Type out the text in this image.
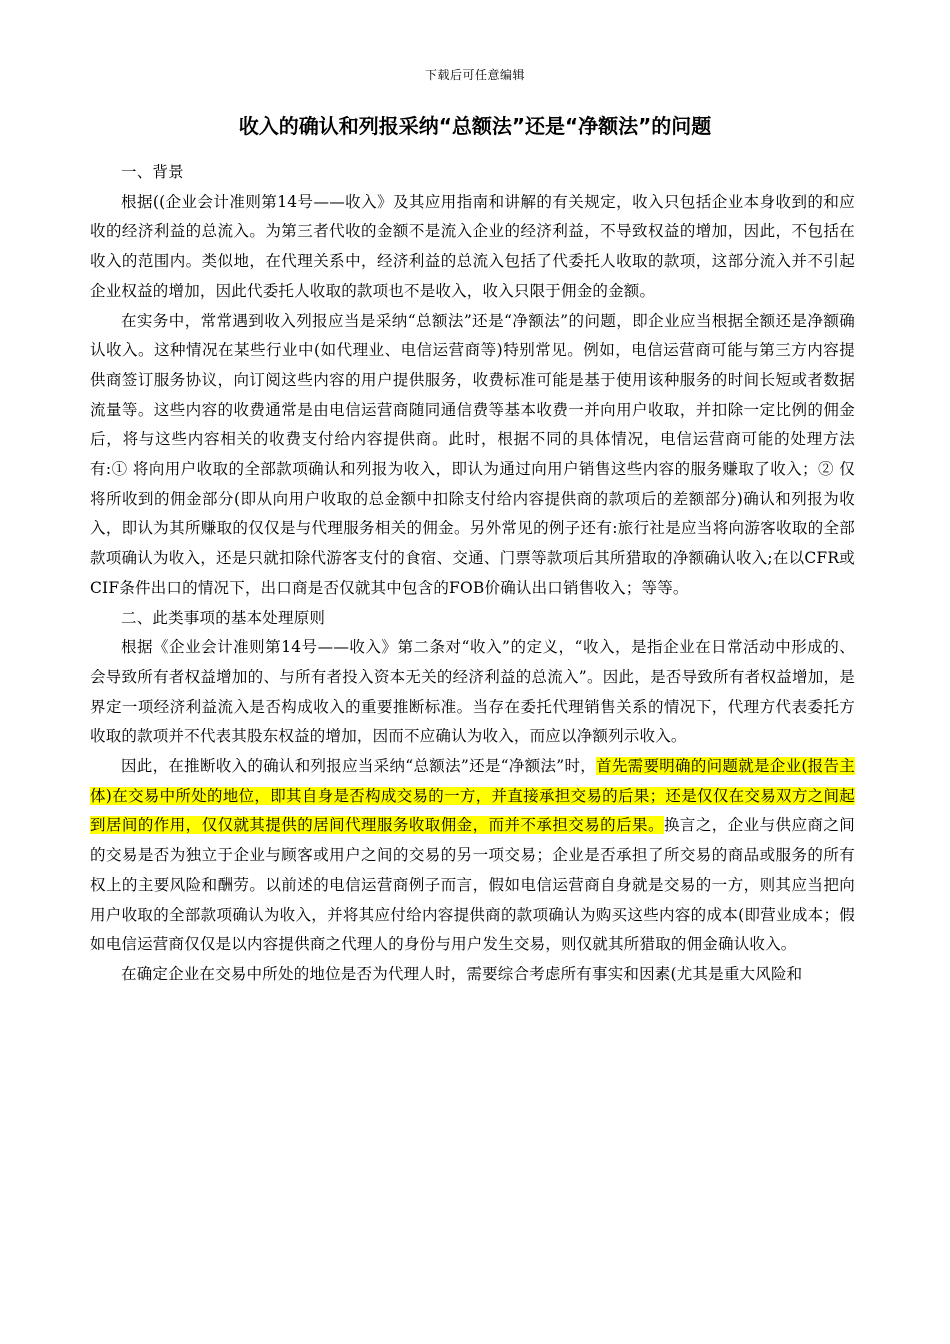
下载后可任意编辑
收入的确认和列报采纳“总额法”还是“净额法”的问题

一、背景

根据((企业会计准则第14号——收入》及其应用指南和讲解的有关规定，收入只包括企业本身收到的和应收的经济利益的总流入。为第三者代收的金额不是流入企业的经济利益，不导致权益的增加，因此，不包括在收入的范围内。类似地，在代理关系中，经济利益的总流入包括了代委托人收取的款项，这部分流入并不引起企业权益的增加，因此代委托人收取的款项也不是收入，收入只限于佣金的金额。

在实务中，常常遇到收入列报应当是采纳“总额法”还是“净额法”的问题，即企业应当根据全额还是净额确认收入。这种情况在某些行业中(如代理业、电信运营商等)特别常见。例如，电信运营商可能与第三方内容提供商签订服务协议，向订阅这些内容的用户提供服务，收费标准可能是基于使用该种服务的时间长短或者数据流量等。这些内容的收费通常是由电信运营商随同通信费等基本收费一并向用户收取，并扣除一定比例的佣金后，将与这些内容相关的收费支付给内容提供商。此时，根据不同的具体情况，电信运营商可能的处理方法有:① 将向用户收取的全部款项确认和列报为收入，即认为通过向用户销售这些内容的服务赚取了收入；② 仅将所收到的佣金部分(即从向用户收取的总金额中扣除支付给内容提供商的款项后的差额部分)确认和列报为收入，即认为其所赚取的仅仅是与代理服务相关的佣金。另外常见的例子还有:旅行社是应当将向游客收取的全部款项确认为收入，还是只就扣除代游客支付的食宿、交通、门票等款项后其所猎取的净额确认收入;在以CFR或CIF条件出口的情况下，出口商是否仅就其中包含的FOB价确认出口销售收入；等等。

二、此类事项的基本处理原则

根据《企业会计准则第14号——收入》第二条对“收入”的定义，“收入，是指企业在日常活动中形成的、会导致所有者权益增加的、与所有者投入资本无关的经济利益的总流入”。因此，是否导致所有者权益增加，是界定一项经济利益流入是否构成收入的重要推断标准。当存在委托代理销售关系的情况下，代理方代表委托方收取的款项并不代表其股东权益的增加，因而不应确认为收入，而应以净额列示收入。

因此，在推断收入的确认和列报应当采纳“总额法”还是“净额法”时，首先需要明确的问题就是企业(报告主体)在交易中所处的地位，即其自身是否构成交易的一方，并直接承担交易的后果；还是仅仅在交易双方之间起到居间的作用，仅仅就其提供的居间代理服务收取佣金，而并不承担交易的后果。换言之，企业与供应商之间的交易是否为独立于企业与顾客或用户之间的交易的另一项交易；企业是否承担了所交易的商品或服务的所有权上的主要风险和酬劳。以前述的电信运营商例子而言，假如电信运营商自身就是交易的一方，则其应当把向用户收取的全部款项确认为收入，并将其应付给内容提供商的款项确认为购买这些内容的成本(即营业成本；假如电信运营商仅仅是以内容提供商之代理人的身份与用户发生交易，则仅就其所猎取的佣金确认收入。

在确定企业在交易中所处的地位是否为代理人时，需要综合考虑所有事实和因素(尤其是重大风险和
